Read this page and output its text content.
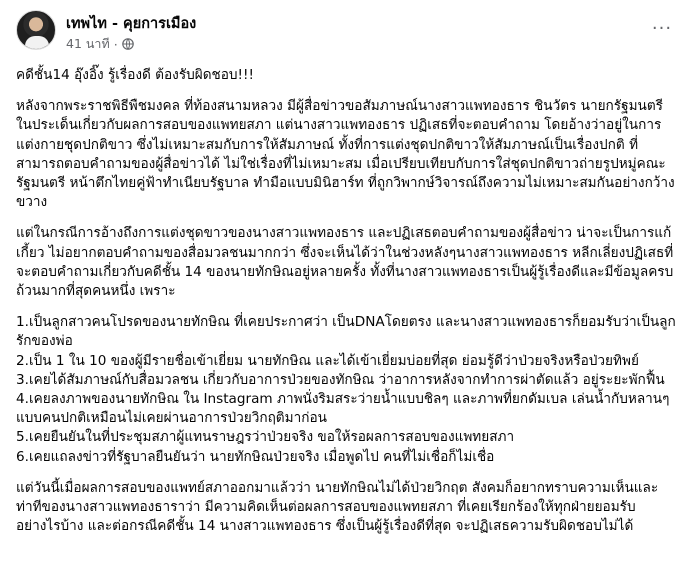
เทพไท - คุยการเมือง
41 นาที ·
···

คดีชั้น14 อุ๊งอิ๊ง รู้เรื่องดี ต้องรับผิดชอบ!!!

หลังจากพระราชพิธีพืชมงคล ที่ท้องสนามหลวง มีผู้สื่อข่าวขอสัมภาษณ์นางสาวแพทองธาร ชินวัตร นายกรัฐมนตรี ในประเด็นเกี่ยวกับผลการสอบของแพทยสภา แต่นางสาวแพทองธาร ปฏิเสธที่จะตอบคำถาม โดยอ้างว่าอยู่ในการแต่งกายชุดปกติขาว ซึ่งไม่เหมาะสมกับการให้สัมภาษณ์ ทั้งที่การแต่งชุดปกติขาวให้สัมภาษณ์เป็นเรื่องปกติ ที่สามารถตอบคำถามของผู้สื่อข่าวได้ ไม่ใช่เรื่องที่ไม่เหมาะสม เมื่อเปรียบเทียบกับการใส่ชุดปกติขาวถ่ายรูปหมู่คณะรัฐมนตรี หน้าตึกไทยคู่ฟ้าทำเนียบรัฐบาล ทำมือแบบมินิฮาร์ท ที่ถูกวิพากษ์วิจารณ์ถึงความไม่เหมาะสมกันอย่างกว้างขวาง

แต่ในกรณีการอ้างถึงการแต่งชุดขาวของนางสาวแพทองธาร และปฏิเสธตอบคำถามของผู้สื่อข่าว น่าจะเป็นการแก้เกี้ยว ไม่อยากตอบคำถามของสื่อมวลชนมากกว่า ซึ่งจะเห็นได้ว่าในช่วงหลังๆนางสาวแพทองธาร หลีกเลี่ยงปฏิเสธที่จะตอบคำถามเกี่ยวกับคดีชั้น 14 ของนายทักษิณอยู่หลายครั้ง ทั้งที่นางสาวแพทองธารเป็นผู้รู้เรื่องดีและมีข้อมูลครบถ้วนมากที่สุดคนหนึ่ง เพราะ

1.เป็นลูกสาวคนโปรดของนายทักษิณ ที่เคยประกาศว่า เป็นDNAโดยตรง และนางสาวแพทองธารก็ยอมรับว่าเป็นลูกรักของพ่อ

2.เป็น 1 ใน 10 ของผู้มีรายชื่อเข้าเยี่ยม นายทักษิณ และได้เข้าเยี่ยมบ่อยที่สุด ย่อมรู้ดีว่าป่วยจริงหรือป่วยทิพย์

3.เคยได้สัมภาษณ์กับสื่อมวลชน เกี่ยวกับอาการป่วยของทักษิณ ว่าอาการหลังจากทำการผ่าตัดแล้ว อยู่ระยะพักฟื้น

4.เคยลงภาพของนายทักษิณ ใน Instagram ภาพนั่งริมสระว่ายน้ำแบบชิลๆ และภาพที่ยกดัมเบล เล่นน้ำกับหลานๆ แบบคนปกติเหมือนไม่เคยผ่านอาการป่วยวิกฤติมาก่อน

5.เคยยืนยันในที่ประชุมสภาผู้แทนราษฎรว่าป่วยจริง ขอให้รอผลการสอบของแพทยสภา

6.เคยแถลงข่าวที่รัฐบาลยืนยันว่า นายทักษิณป่วยจริง เมื่อพูดไป คนที่ไม่เชื่อก็ไม่เชื่อ

แต่วันนี้เมื่อผลการสอบของแพทย์สภาออกมาแล้วว่า นายทักษิณไม่ได้ป่วยวิกฤต สังคมก็อยากทราบความเห็นและท่าทีของนางสาวแพทองธาราว่า มีความคิดเห็นต่อผลการสอบของแพทยสภา ที่เคยเรียกร้องให้ทุกฝ่ายยอมรับอย่างไรบ้าง และต่อกรณีคดีชั้น 14 นางสาวแพทองธาร ซึ่งเป็นผู้รู้เรื่องดีที่สุด จะปฏิเสธความรับผิดชอบไม่ได้
